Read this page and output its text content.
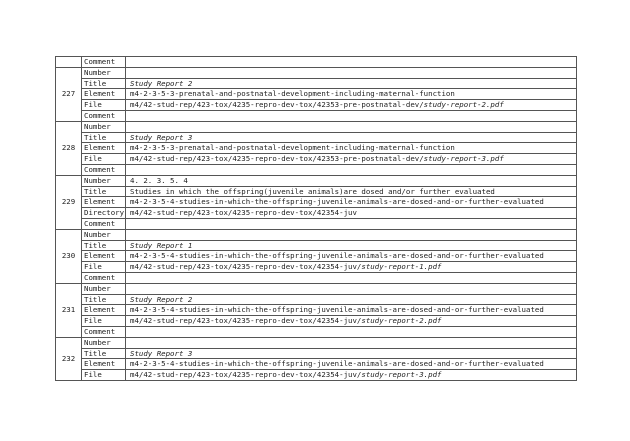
	Comment	
227	Number	
	Title	Study Report 2
	Element	m4-2-3-5-3-prenatal-and-postnatal-development-including-maternal-function
	File	m4/42-stud-rep/423-tox/4235-repro-dev-tox/42353-pre-postnatal-dev/study-report-2.pdf
	Comment	
228	Number	
	Title	Study Report 3
	Element	m4-2-3-5-3-prenatal-and-postnatal-development-including-maternal-function
	File	m4/42-stud-rep/423-tox/4235-repro-dev-tox/42353-pre-postnatal-dev/study-report-3.pdf
	Comment	
229	Number	4. 2. 3. 5. 4
	Title	Studies in which the offspring(juvenile animals)are dosed and/or further evaluated
	Element	m4-2-3-5-4-studies-in-which-the-offspring-juvenile-animals-are-dosed-and-or-further-evaluated
	Directory	m4/42-stud-rep/423-tox/4235-repro-dev-tox/42354-juv
	Comment	
230	Number	
	Title	Study Report 1
	Element	m4-2-3-5-4-studies-in-which-the-offspring-juvenile-animals-are-dosed-and-or-further-evaluated
	File	m4/42-stud-rep/423-tox/4235-repro-dev-tox/42354-juv/study-report-1.pdf
	Comment	
231	Number	
	Title	Study Report 2
	Element	m4-2-3-5-4-studies-in-which-the-offspring-juvenile-animals-are-dosed-and-or-further-evaluated
	File	m4/42-stud-rep/423-tox/4235-repro-dev-tox/42354-juv/study-report-2.pdf
	Comment	
232	Number	
	Title	Study Report 3
	Element	m4-2-3-5-4-studies-in-which-the-offspring-juvenile-animals-are-dosed-and-or-further-evaluated
	File	m4/42-stud-rep/423-tox/4235-repro-dev-tox/42354-juv/study-report-3.pdf
